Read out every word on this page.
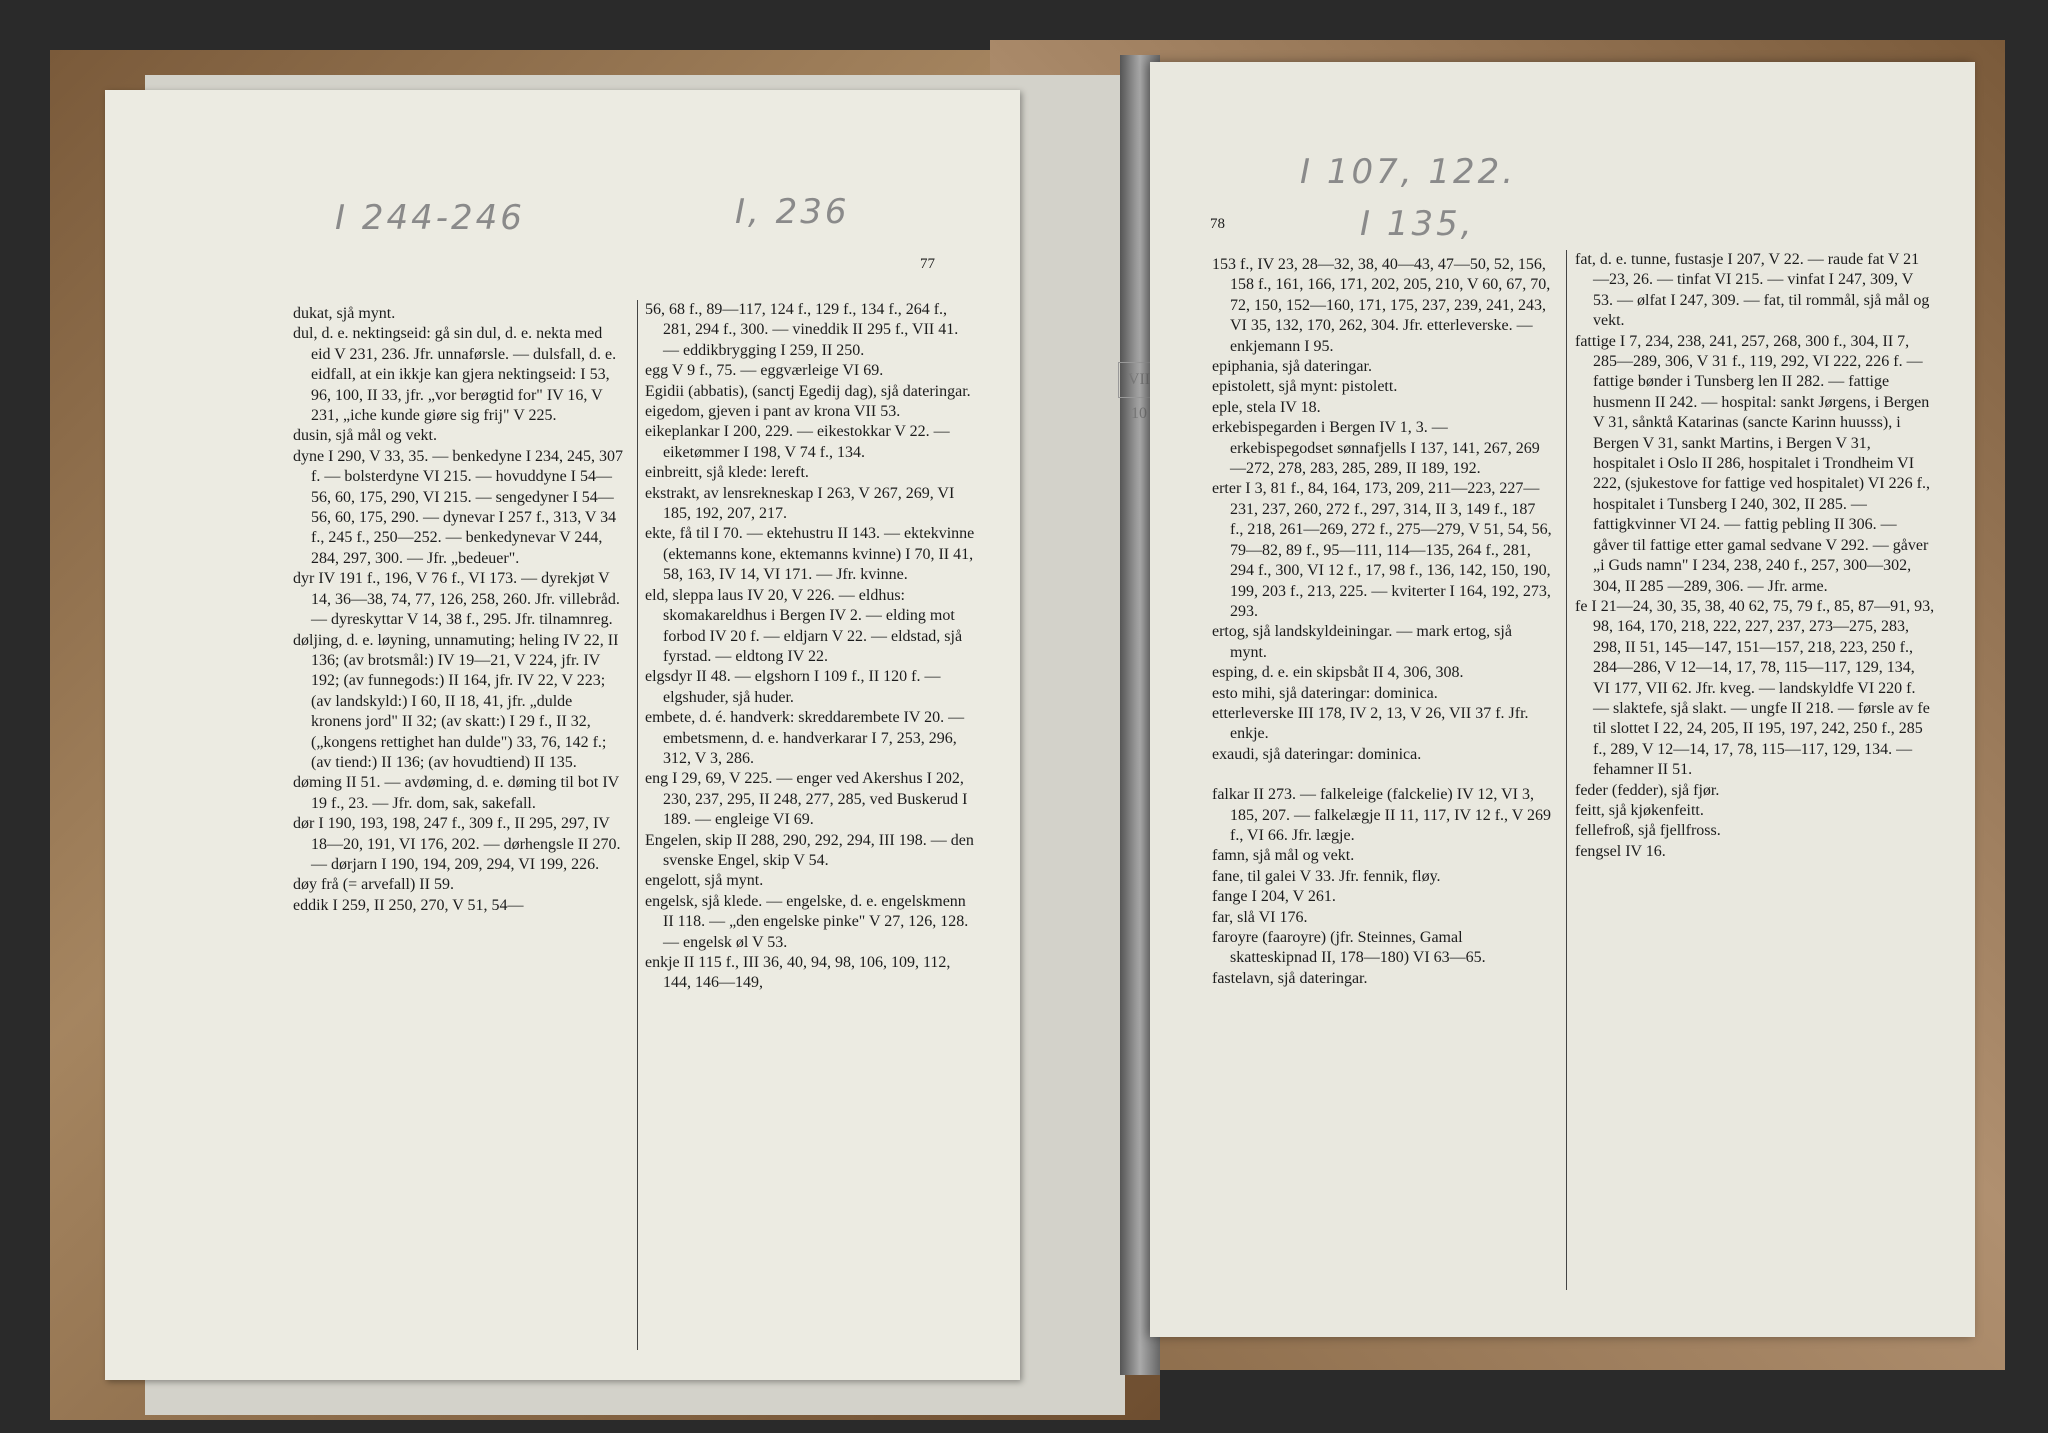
I 244-246	I, 236
77

dukat, sjå mynt.

dul, d. e. nektingseid: gå sin dul, d. e. nekta med eid V 231, 236. Jfr. unnaførsle. — dulsfall, d. e. eidfall, at ein ikkje kan gjera nektingseid: I 53, 96, 100, II 33, jfr. „vor berøgtid for" IV 16, V 231, „iche kunde giøre sig frij" V 225.

dusin, sjå mål og vekt.

dyne I 290, V 33, 35. — benkedyne I 234, 245, 307 f. — bolsterdyne VI 215. — hovuddyne I 54—56, 60, 175, 290, VI 215. — sengedyner I 54—56, 60, 175, 290. — dynevar I 257 f., 313, V 34 f., 245 f., 250—252. — benkedynevar V 244, 284, 297, 300. — Jfr. „bedeuer".

dyr IV 191 f., 196, V 76 f., VI 173. — dyrekjøt V 14, 36—38, 74, 77, 126, 258, 260. Jfr. villebråd. — dyreskyttar V 14, 38 f., 295. Jfr. tilnamnreg.

døljing, d. e. løyning, unnamuting; heling IV 22, II 136; (av brotsmål:) IV 19—21, V 224, jfr. IV 192; (av funnegods:) II 164, jfr. IV 22, V 223; (av landskyld:) I 60, II 18, 41, jfr. „dulde kronens jord" II 32; (av skatt:) I 29 f., II 32, („kongens rettighet han dulde") 33, 76, 142 f.; (av tiend:) II 136; (av hovudtiend) II 135.

døming II 51. — avdøming, d. e. døming til bot IV 19 f., 23. — Jfr. dom, sak, sakefall.

dør I 190, 193, 198, 247 f., 309 f., II 295, 297, IV 18—20, 191, VI 176, 202. — dørhengsle II 270. — dørjarn I 190, 194, 209, 294, VI 199, 226.

døy frå (= arvefall) II 59.

eddik I 259, II 250, 270, V 51, 54—

56, 68 f., 89—117, 124 f., 129 f., 134 f., 264 f., 281, 294 f., 300. — vineddik II 295 f., VII 41. — eddikbrygging I 259, II 250.

egg V 9 f., 75. — eggværleige VI 69.

Egidii (abbatis), (sanctj Egedij dag), sjå dateringar.

eigedom, gjeven i pant av krona VII 53.

eikeplankar I 200, 229. — eikestokkar V 22. — eiketømmer I 198, V 74 f., 134.

einbreitt, sjå klede: lereft.

ekstrakt, av lensrekneskap I 263, V 267, 269, VI 185, 192, 207, 217.

ekte, få til I 70. — ektehustru II 143. — ektekvinne (ektemanns kone, ektemanns kvinne) I 70, II 41, 58, 163, IV 14, VI 171. — Jfr. kvinne.

eld, sleppa laus IV 20, V 226. — eldhus: skomakareldhus i Bergen IV 2. — elding mot forbod IV 20 f. — eldjarn V 22. — eldstad, sjå fyrstad. — eldtong IV 22.

elgsdyr II 48. — elgshorn I 109 f., II 120 f. — elgshuder, sjå huder.

embete, d. é. handverk: skreddarembete IV 20. — embetsmenn, d. e. handverkarar I 7, 253, 296, 312, V 3, 286.

eng I 29, 69, V 225. — enger ved Akershus I 202, 230, 237, 295, II 248, 277, 285, ved Buskerud I 189. — engleige VI 69.

Engelen, skip II 288, 290, 292, 294, III 198. — den svenske Engel, skip V 54.

engelott, sjå mynt.

engelsk, sjå klede. — engelske, d. e. engelskmenn II 118. — „den engelske pinke" V 27, 126, 128. — engelsk øl V 53.

enkje II 115 f., III 36, 40, 94, 98, 106, 109, 112, 144, 146—149,

VII 10
I 107, 122.
I 135,
78

153 f., IV 23, 28—32, 38, 40—43, 47—50, 52, 156, 158 f., 161, 166, 171, 202, 205, 210, V 60, 67, 70, 72, 150, 152—160, 171, 175, 237, 239, 241, 243, VI 35, 132, 170, 262, 304. Jfr. etterleverske. — enkjemann I 95.

epiphania, sjå dateringar.

epistolett, sjå mynt: pistolett.

eple, stela IV 18.

erkebispegarden i Bergen IV 1, 3. — erkebispegodset sønnafjells I 137, 141, 267, 269—272, 278, 283, 285, 289, II 189, 192.

erter I 3, 81 f., 84, 164, 173, 209, 211—223, 227—231, 237, 260, 272 f., 297, 314, II 3, 149 f., 187 f., 218, 261—269, 272 f., 275—279, V 51, 54, 56, 79—82, 89 f., 95—111, 114—135, 264 f., 281, 294 f., 300, VI 12 f., 17, 98 f., 136, 142, 150, 190, 199, 203 f., 213, 225. — kviterter I 164, 192, 273, 293.

ertog, sjå landskyldeiningar. — mark ertog, sjå mynt.

esping, d. e. ein skipsbåt II 4, 306, 308.

esto mihi, sjå dateringar: dominica.

etterleverske III 178, IV 2, 13, V 26, VII 37 f. Jfr. enkje.

exaudi, sjå dateringar: dominica.

falkar II 273. — falkeleige (falckelie) IV 12, VI 3, 185, 207. — falkelægje II 11, 117, IV 12 f., V 269 f., VI 66. Jfr. lægje.

famn, sjå mål og vekt.

fane, til galei V 33. Jfr. fennik, fløy.

fange I 204, V 261.

far, slå VI 176.

faroyre (faaroyre) (jfr. Steinnes, Gamal skatteskipnad II, 178—180) VI 63—65.

fastelavn, sjå dateringar.

fat, d. e. tunne, fustasje I 207, V 22. — raude fat V 21—23, 26. — tinfat VI 215. — vinfat I 247, 309, V 53. — ølfat I 247, 309. — fat, til rommål, sjå mål og vekt.

fattige I 7, 234, 238, 241, 257, 268, 300 f., 304, II 7, 285—289, 306, V 31 f., 119, 292, VI 222, 226 f. — fattige bønder i Tunsberg len II 282. — fattige husmenn II 242. — hospital: sankt Jørgens, i Bergen V 31, sånktå Katarinas (sancte Karinn huusss), i Bergen V 31, sankt Martins, i Bergen V 31, hospitalet i Oslo II 286, hospitalet i Trondheim VI 222, (sjukestove for fattige ved hospitalet) VI 226 f., hospitalet i Tunsberg I 240, 302, II 285. — fattigkvinner VI 24. — fattig pebling II 306. — gåver til fattige etter gamal sedvane V 292. — gåver „i Guds namn" I 234, 238, 240 f., 257, 300—302, 304, II 285 —289, 306. — Jfr. arme.

fe I 21—24, 30, 35, 38, 40 62, 75, 79 f., 85, 87—91, 93, 98, 164, 170, 218, 222, 227, 237, 273—275, 283, 298, II 51, 145—147, 151—157, 218, 223, 250 f., 284—286, V 12—14, 17, 78, 115—117, 129, 134, VI 177, VII 62. Jfr. kveg. — landskyldfe VI 220 f. — slaktefe, sjå slakt. — ungfe II 218. — førsle av fe til slottet I 22, 24, 205, II 195, 197, 242, 250 f., 285 f., 289, V 12—14, 17, 78, 115—117, 129, 134. — fehamner II 51.

feder (fedder), sjå fjør.

feitt, sjå kjøkenfeitt.

fellefroß, sjå fjellfross.

fengsel IV 16.
